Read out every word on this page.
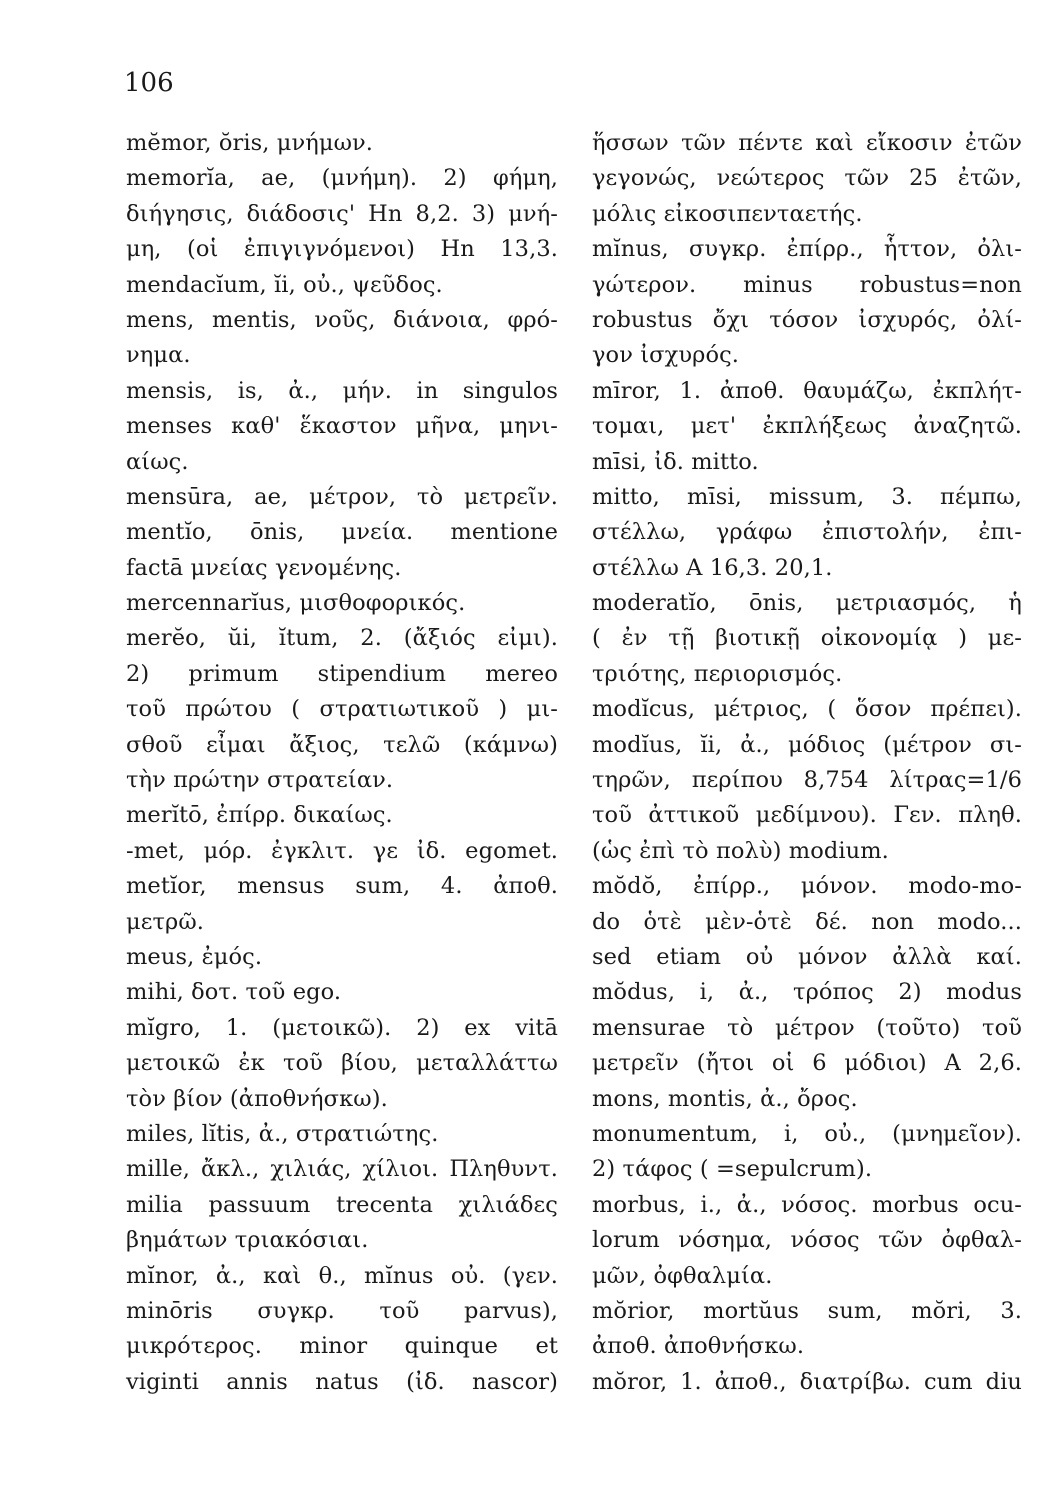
106
mĕmor, ŏris, μνήμων.
memorĭa, ae, (μνήμη). 2) φήμη,
διήγησις, διάδοσις' Hn 8,2. 3) μνή-
μη, (οἱ ἐπιγιγνόμενοι) Hn 13,3.
mendacĭum, ĭi, οὐ., ψεῦδος.
mens, mentis, νοῦς, διάνοια, φρό-
νημα.
mensis, is, ἀ., μήν. in singulos
menses καθ' ἕκαστον μῆνα, μηνι-
αίως.
mensūra, ae, μέτρον, τὸ μετρεῖν.
mentĭo, ōnis, μνεία. mentione
factā μνείας γενομένης.
mercennarĭus, μισθοφορικός.
merĕo, ŭi, ĭtum, 2. (ἄξιός εἰμι).
2) primum stipendium mereo
τοῦ πρώτου ( στρατιωτικοῦ ) μι-
σθοῦ εἶμαι ἄξιος, τελῶ (κάμνω)
τὴν πρώτην στρατείαν.
merĭtō, ἐπίρρ. δικαίως.
-met, μόρ. ἐγκλιτ. γε ἰδ. egomet.
metĭor, mensus sum, 4. ἀποθ.
μετρῶ.
meus, ἐμός.
mihi, δοτ. τοῦ ego.
mĭgro, 1. (μετοικῶ). 2) ex vitā
μετοικῶ ἐκ τοῦ βίου, μεταλλάττω
τὸν βίον (ἀποθνήσκω).
miles, lĭtis, ἀ., στρατιώτης.
mille, ἄκλ., χιλιάς, χίλιοι. Πληθυντ.
milia passuum trecenta χιλιάδες
βημάτων τριακόσιαι.
mĭnor, ἀ., καὶ θ., mĭnus οὐ. (γεν.
minōris συγκρ. τοῦ parvus),
μικρότερος. minor quinque et
viginti annis natus (ἰδ. nascor)
ἥσσων τῶν πέντε καὶ εἴκοσιν ἐτῶν
γεγονώς, νεώτερος τῶν 25 ἐτῶν,
μόλις εἰκοσιπενταετής.
mĭnus, συγκρ. ἐπίρρ., ἧττον, ὀλι-
γώτερον. minus robustus=non
robustus ὄχι τόσον ἰσχυρός, ὀλί-
γον ἰσχυρός.
mīror, 1. ἀποθ. θαυμάζω, ἐκπλήτ-
τομαι, μετ' ἐκπλήξεως ἀναζητῶ.
mīsi, ἰδ. mitto.
mitto, mīsi, missum, 3. πέμπω,
στέλλω, γράφω ἐπιστολήν, ἐπι-
στέλλω A 16,3. 20,1.
moderatĭo, ōnis, μετριασμός, ἡ
( ἐν τῇ βιοτικῇ οἰκονομίᾳ ) με-
τριότης, περιορισμός.
modĭcus, μέτριος, ( ὅσον πρέπει).
modĭus, ĭi, ἀ., μόδιος (μέτρον σι-
τηρῶν, περίπου 8,754 λίτρας=1/6
τοῦ ἀττικοῦ μεδίμνου). Γεν. πληθ.
(ὡς ἐπὶ τὸ πολὺ) modium.
mŏdŏ, ἐπίρρ., μόνον. modo-mo-
do ὁτὲ μὲν-ὁτὲ δέ. non modo...
sed etiam οὐ μόνον ἀλλὰ καί.
mŏdus, i, ἀ., τρόπος 2) modus
mensurae τὸ μέτρον (τοῦτο) τοῦ
μετρεῖν (ἤτοι οἱ 6 μόδιοι) A 2,6.
mons, montis, ἀ., ὄρος.
monumentum, i, οὐ., (μνημεῖον).
2) τάφος ( =sepulcrum).
morbus, i., ἀ., νόσος. morbus ocu-
lorum νόσημα, νόσος τῶν ὀφθαλ-
μῶν, ὀφθαλμία.
mŏrior, mortŭus sum, mŏri, 3.
ἀποθ. ἀποθνήσκω.
mŏror, 1. ἀποθ., διατρίβω. cum diu
